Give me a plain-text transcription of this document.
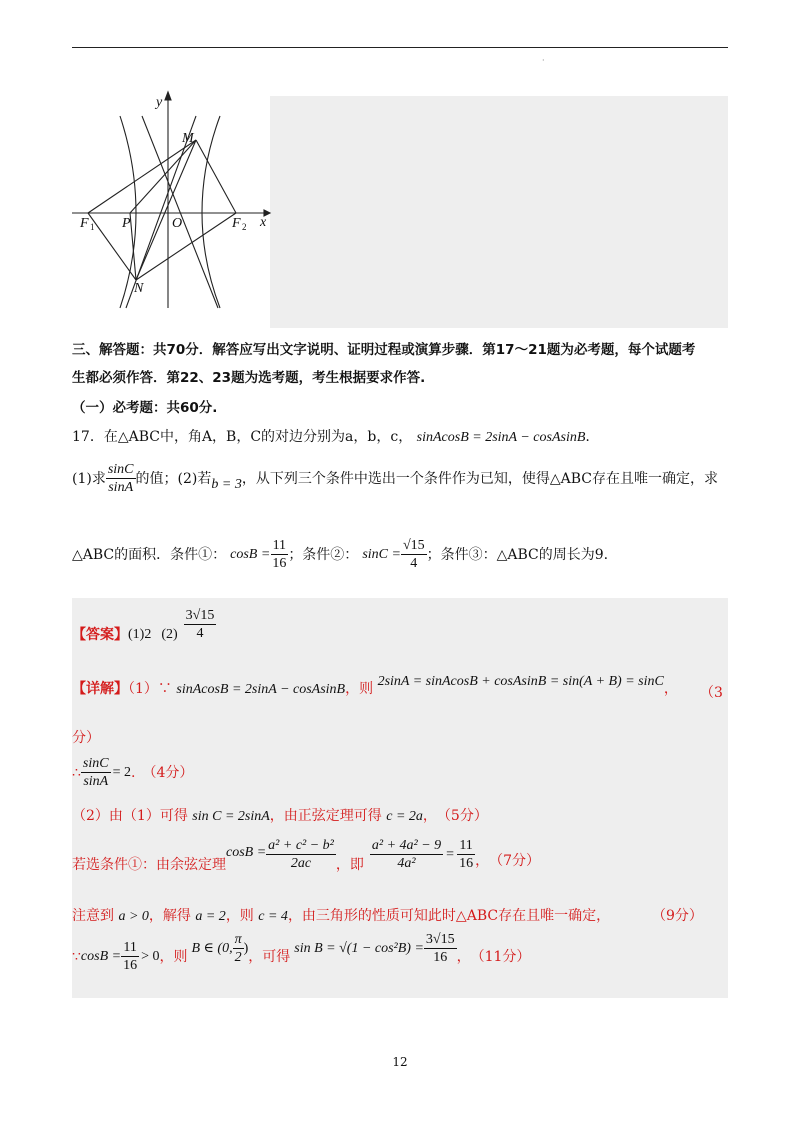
·
y
x
M
O
P
F 1	F 2
N
三、解答题：共70分．解答应写出文字说明、证明过程或演算步骤．第17～21题为必考题，每个试题考
生都必须作答．第22、23题为选考题，考生根据要求作答.
（一）必考题：共60分.
17．在△ABC中，角A，B，C的对边分别为a，b，c， sinAcosB = 2sinA − cosAsinB.
(1)求 $\frac{\sin C}{\sin A}$ 的值；(2)若 b = 3 ，从下列三个条件中选出一个条件作为已知，使得△ABC存在且唯一确定，求
△ABC的面积．条件①： $\cos B = \frac{11}{16}$ ；条件②： $\sin C = \frac{√15}{4}$ ；条件③：△ABC的周长为9.
【答案】 (1)2 $(2) \frac{3√15}{4}$
【详解】（1）∵ sinAcosB = 2sinA − cosAsinB，则 2sinA = sinAcosB + cosAsinB = sin(A + B) = sinC， （3
分）
∴ $\frac{\sin C}{\sin A} = 2$ .　（4分）
（2）由（1）可得 sin C = 2sinA，由正弦定理可得 c = 2a，　（5分）
若选条件①：由余弦定理
$\cos B = \frac{\text{a² + c² − b²}}{2ac}$ ，即 $\frac{\text{a² + 4a² − 9}}{\text{4a²}} = \frac{11}{16}$ ，　（7分）
注意到 a > 0，解得 a = 2，则 c = 4，由三角形的性质可知此时△ABC存在且唯一确定，	（9分）
∵ $\cos B = \frac{11}{16} > 0$ ，则
B ∈ (0, $\frac{\pi}{2}$ )
，可得
$\sin B = √(1 - \cos^2B) = \frac{3√15}{16}$ ，　（11分）
12
